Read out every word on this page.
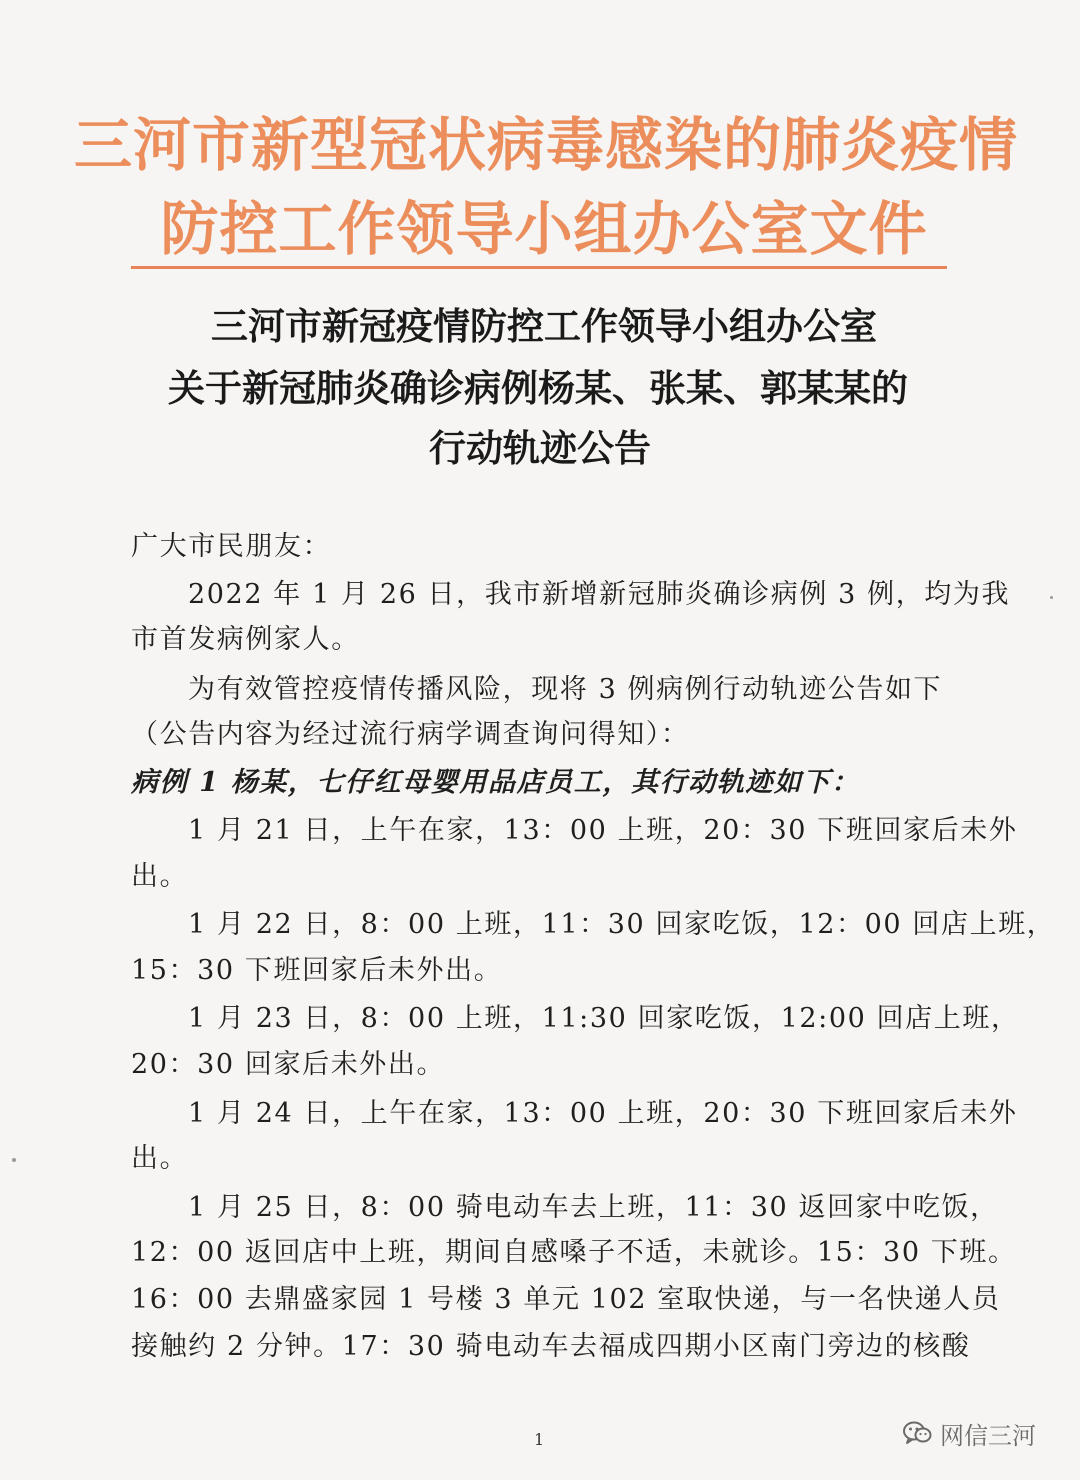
三河市新型冠状病毒感染的肺炎疫情
防控工作领导小组办公室文件
三河市新冠疫情防控工作领导小组办公室
关于新冠肺炎确诊病例杨某、张某、郭某某的
行动轨迹公告
广大市民朋友：
2022 年 1 月 26 日，我市新增新冠肺炎确诊病例 3 例，均为我
市首发病例家人。
为有效管控疫情传播风险，现将 3 例病例行动轨迹公告如下
（公告内容为经过流行病学调查询问得知）：
病例 1 杨某，七仔红母婴用品店员工，其行动轨迹如下：
1 月 21 日，上午在家，13：00 上班，20：30 下班回家后未外
出。
1 月 22 日，8：00 上班，11：30 回家吃饭，12：00 回店上班，
15：30 下班回家后未外出。
1 月 23 日，8：00 上班，11:30 回家吃饭，12:00 回店上班，
20：30 回家后未外出。
1 月 24 日，上午在家，13：00 上班，20：30 下班回家后未外
出。
1 月 25 日，8：00 骑电动车去上班，11：30 返回家中吃饭，
12：00 返回店中上班，期间自感嗓子不适，未就诊。15：30 下班。
16：00 去鼎盛家园 1 号楼 3 单元 102 室取快递，与一名快递人员
接触约 2 分钟。17：30 骑电动车去福成四期小区南门旁边的核酸
1	网信三河
